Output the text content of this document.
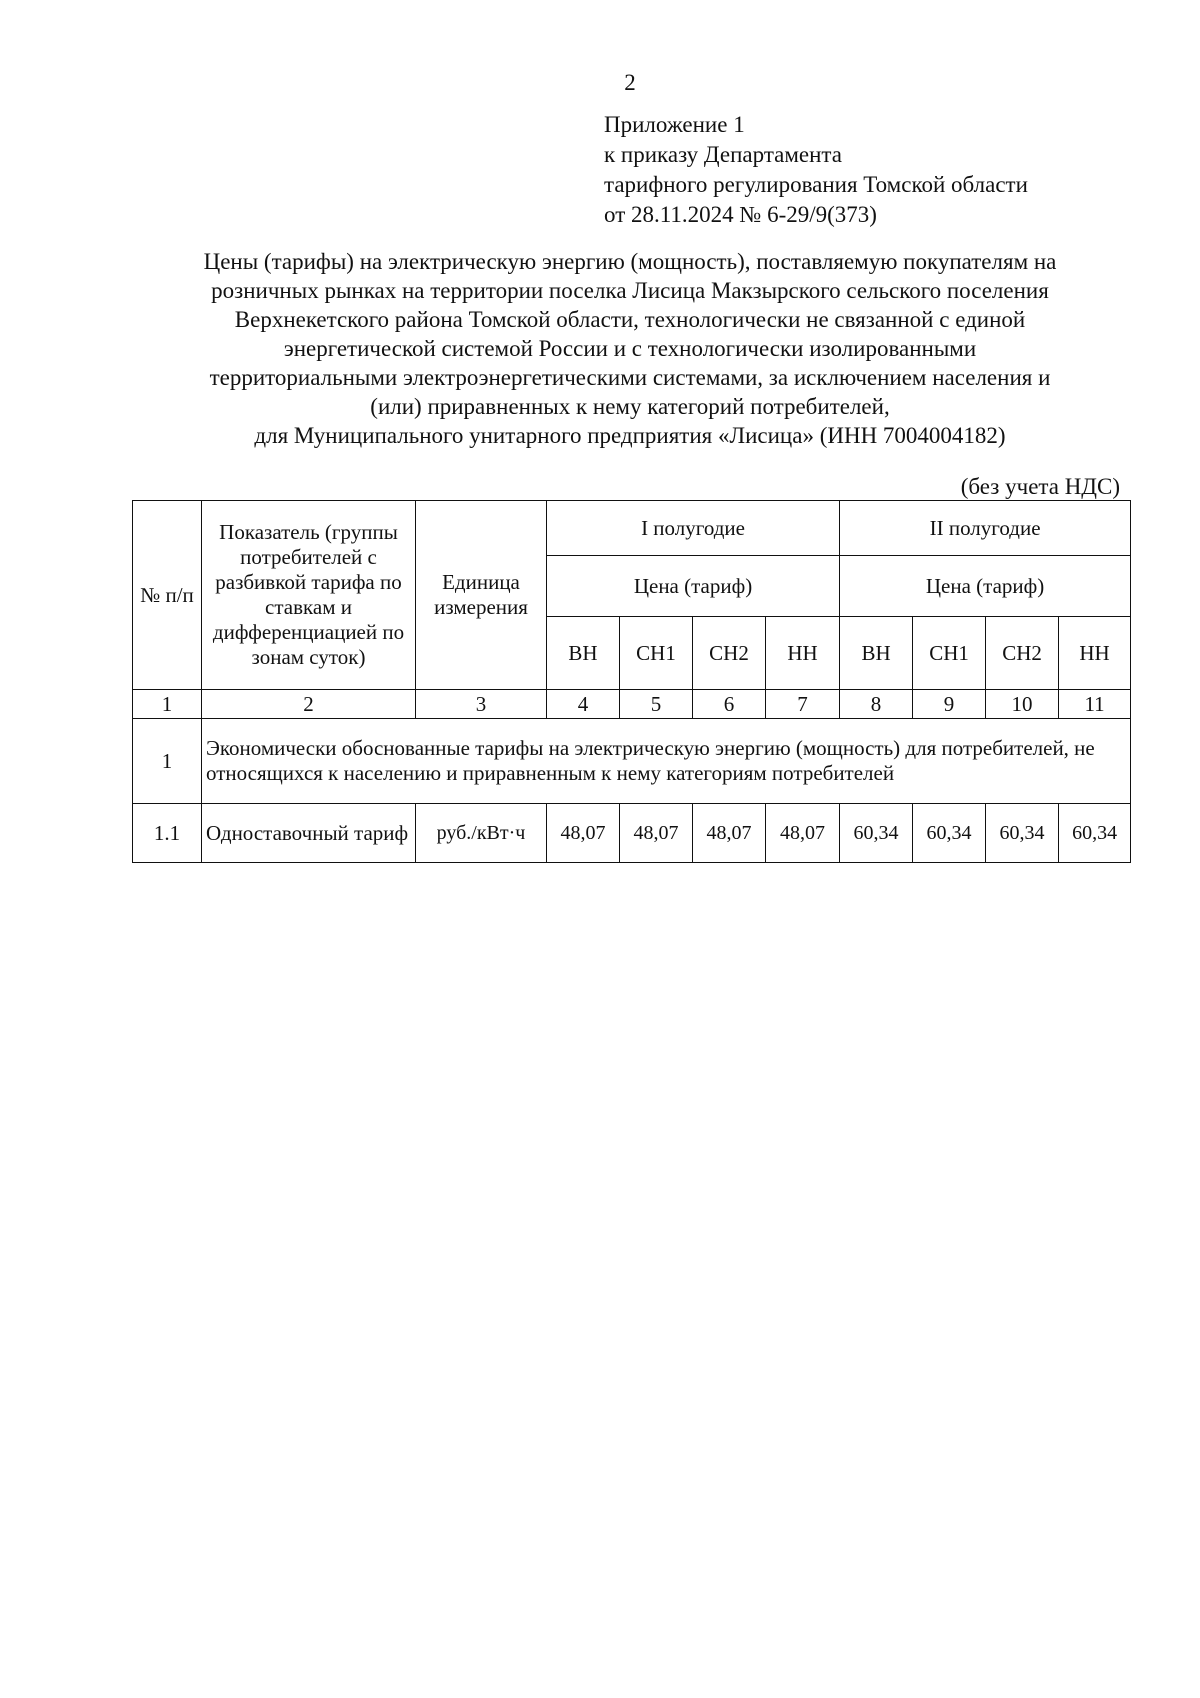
2
Приложение 1
к приказу Департамента
тарифного регулирования Томской области
от 28.11.2024 № 6-29/9(373)
Цены (тарифы) на электрическую энергию (мощность), поставляемую покупателям на
розничных рынках на территории поселка Лисица Макзырского сельского поселения
Верхнекетского района Томской области, технологически не связанной с единой
энергетической системой России и с технологически изолированными
территориальными электроэнергетическими системами, за исключением населения и
(или) приравненных к нему категорий потребителей,
для Муниципального унитарного предприятия «Лисица» (ИНН 7004004182)
(без учета НДС)
№ п/п	Показатель (группы потребителей с разбивкой тарифа по ставкам и дифференциацией по зонам суток)	Единица измерения	I полугодие				II полугодие			
			Цена (тариф)				Цена (тариф)			
			ВН	СН1	СН2	НН	ВН	СН1	СН2	НН
1	2	3	4	5	6	7	8	9	10	11
1	Экономически обоснованные тарифы на электрическую энергию (мощность) для потребителей, не относящихся к населению и приравненным к нему категориям потребителей									
1.1	Одноставочный тариф	руб./кВт·ч	48,07	48,07	48,07	48,07	60,34	60,34	60,34	60,34
